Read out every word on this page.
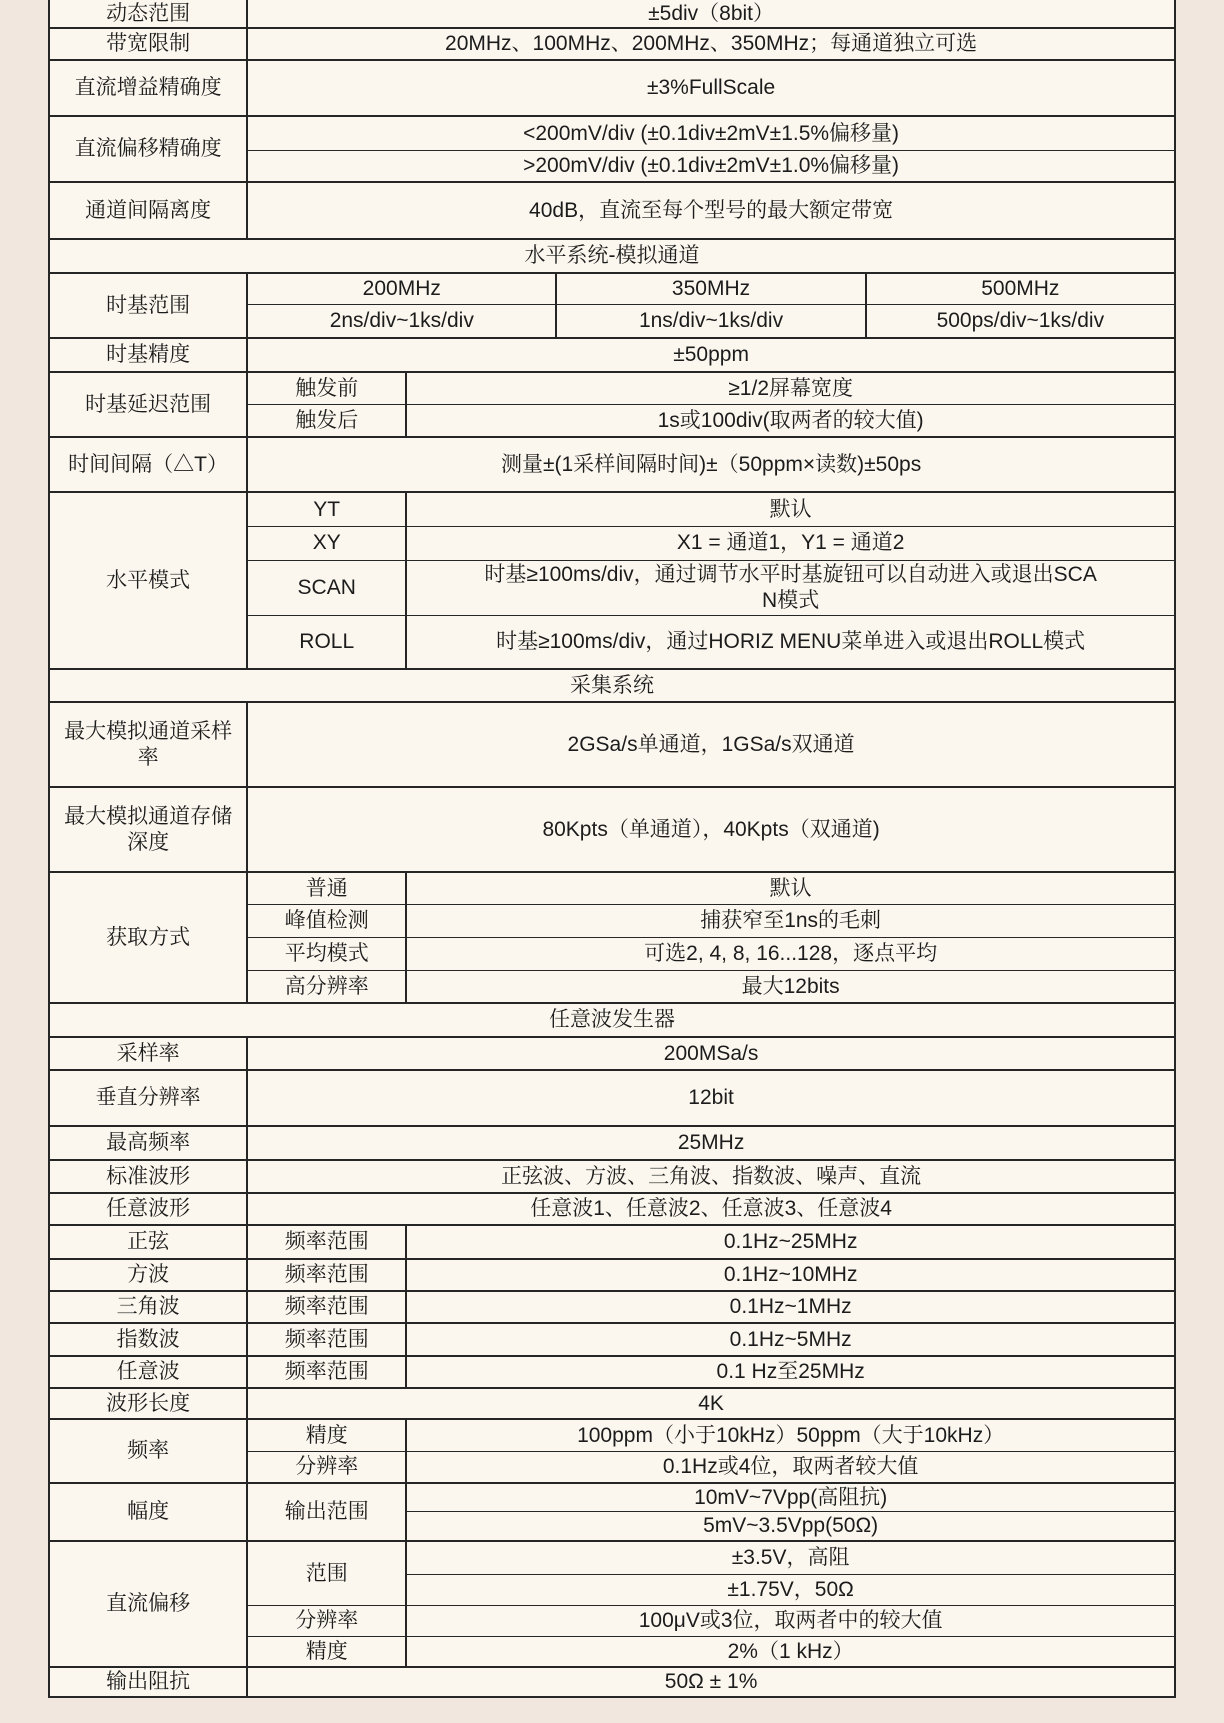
动态范围	±5div（8bit）			
带宽限制	20MHz、100MHz、200MHz、350MHz；每通道独立可选			
直流增益精确度	±3%FullScale			
直流偏移精确度	<200mV/div (±0.1div±2mV±1.5%偏移量)			
	>200mV/div (±0.1div±2mV±1.0%偏移量)			
通道间隔离度	40dB，直流至每个型号的最大额定带宽			
水平系统-模拟通道				
时基范围	200MHz		350MHz	500MHz
	2ns/div~1ks/div		1ns/div~1ks/div	500ps/div~1ks/div
时基精度	±50ppm			
时基延迟范围	触发前	≥1/2屏幕宽度		
	触发后	1s或100div(取两者的较大值)		
时间间隔（△T）	测量±(1采样间隔时间)±（50ppm×读数)±50ps			
水平模式	YT	默认		
	XY	X1 = 通道1，Y1 = 通道2		
	SCAN	时基≥100ms/div，通过调节水平时基旋钮可以自动进入或退出SCAN模式		
	ROLL	时基≥100ms/div，通过HORIZ MENU菜单进入或退出ROLL模式		
采集系统				
最大模拟通道采样率	2GSa/s单通道，1GSa/s双通道			
最大模拟通道存储深度	80Kpts（单通道），40Kpts（双通道)			
获取方式	普通	默认		
	峰值检测	捕获窄至1ns的毛刺		
	平均模式	可选2, 4, 8, 16...128，逐点平均		
	高分辨率	最大12bits		
任意波发生器				
采样率	200MSa/s			
垂直分辨率	12bit			
最高频率	25MHz			
标准波形	正弦波、方波、三角波、指数波、噪声、直流			
任意波形	任意波1、任意波2、任意波3、任意波4			
正弦	频率范围	0.1Hz~25MHz		
方波	频率范围	0.1Hz~10MHz		
三角波	频率范围	0.1Hz~1MHz		
指数波	频率范围	0.1Hz~5MHz		
任意波	频率范围	0.1 Hz至25MHz		
波形长度	4K			
频率	精度	100ppm（小于10kHz）50ppm（大于10kHz）		
	分辨率	0.1Hz或4位，取两者较大值		
幅度	输出范围	10mV~7Vpp(高阻抗)		
		5mV~3.5Vpp(50Ω)		
直流偏移	范围	±3.5V，高阻		
		±1.75V，50Ω		
	分辨率	100μV或3位，取两者中的较大值		
	精度	2%（1 kHz）		
输出阻抗	50Ω ± 1%			
